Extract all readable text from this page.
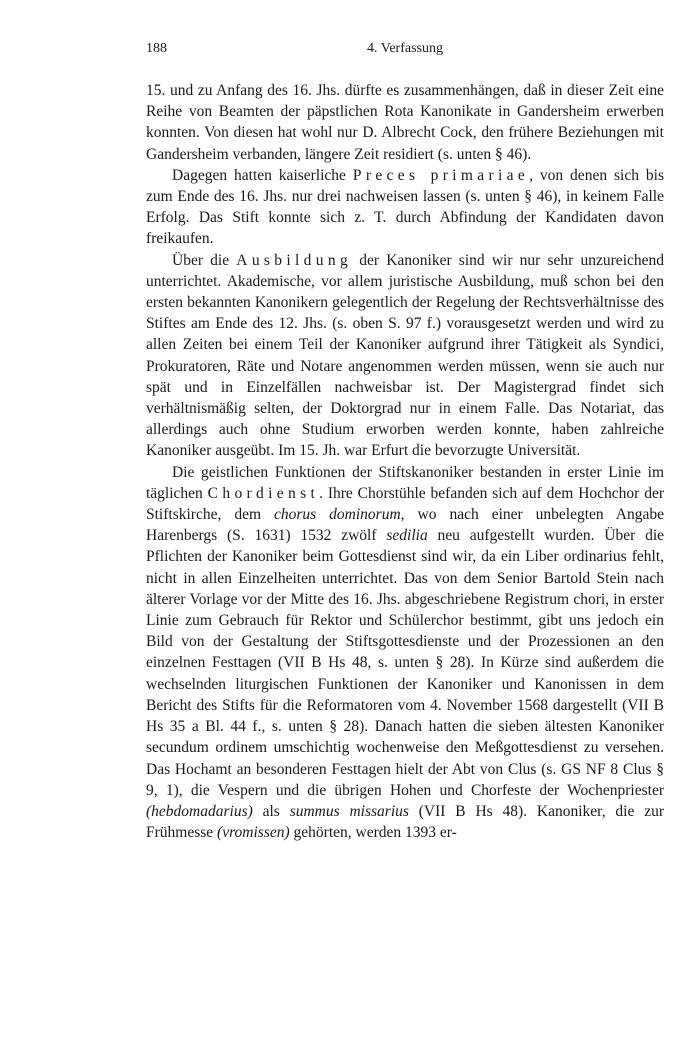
188	4. Verfassung

15. und zu Anfang des 16. Jhs. dürfte es zusammenhängen, daß in dieser Zeit eine Reihe von Beamten der päpstlichen Rota Kanonikate in Gandersheim erwerben konnten. Von diesen hat wohl nur D. Albrecht Cock, den frühere Beziehungen mit Gandersheim verbanden, längere Zeit residiert (s. unten § 46).

Dagegen hatten kaiserliche Preces primariae, von denen sich bis zum Ende des 16. Jhs. nur drei nachweisen lassen (s. unten § 46), in keinem Falle Erfolg. Das Stift konnte sich z. T. durch Abfindung der Kandidaten davon freikaufen.

Über die Ausbildung der Kanoniker sind wir nur sehr unzureichend unterrichtet. Akademische, vor allem juristische Ausbildung, muß schon bei den ersten bekannten Kanonikern gelegentlich der Regelung der Rechtsverhältnisse des Stiftes am Ende des 12. Jhs. (s. oben S. 97 f.) vorausgesetzt werden und wird zu allen Zeiten bei einem Teil der Kanoniker aufgrund ihrer Tätigkeit als Syndici, Prokuratoren, Räte und Notare angenommen werden müssen, wenn sie auch nur spät und in Einzelfällen nachweisbar ist. Der Magistergrad findet sich verhältnismäßig selten, der Doktorgrad nur in einem Falle. Das Notariat, das allerdings auch ohne Studium erworben werden konnte, haben zahlreiche Kanoniker ausgeübt. Im 15. Jh. war Erfurt die bevorzugte Universität.

Die geistlichen Funktionen der Stiftskanoniker bestanden in erster Linie im täglichen Chordienst. Ihre Chorstühle befanden sich auf dem Hochchor der Stiftskirche, dem chorus dominorum, wo nach einer unbelegten Angabe Harenbergs (S. 1631) 1532 zwölf sedilia neu aufgestellt wurden. Über die Pflichten der Kanoniker beim Gottesdienst sind wir, da ein Liber ordinarius fehlt, nicht in allen Einzelheiten unterrichtet. Das von dem Senior Bartold Stein nach älterer Vorlage vor der Mitte des 16. Jhs. abgeschriebene Registrum chori, in erster Linie zum Gebrauch für Rektor und Schülerchor bestimmt, gibt uns jedoch ein Bild von der Gestaltung der Stiftsgottesdienste und der Prozessionen an den einzelnen Festtagen (VII B Hs 48, s. unten § 28). In Kürze sind außerdem die wechselnden liturgischen Funktionen der Kanoniker und Kanonissen in dem Bericht des Stifts für die Reformatoren vom 4. November 1568 dargestellt (VII B Hs 35 a Bl. 44 f., s. unten § 28). Danach hatten die sieben ältesten Kanoniker secundum ordinem umschichtig wochenweise den Meßgottesdienst zu versehen. Das Hochamt an besonderen Festtagen hielt der Abt von Clus (s. GS NF 8 Clus § 9, 1), die Vespern und die übrigen Hohen und Chorfeste der Wochenpriester (hebdomadarius) als summus missarius (VII B Hs 48). Kanoniker, die zur Frühmesse (vromissen) gehörten, werden 1393 er-
